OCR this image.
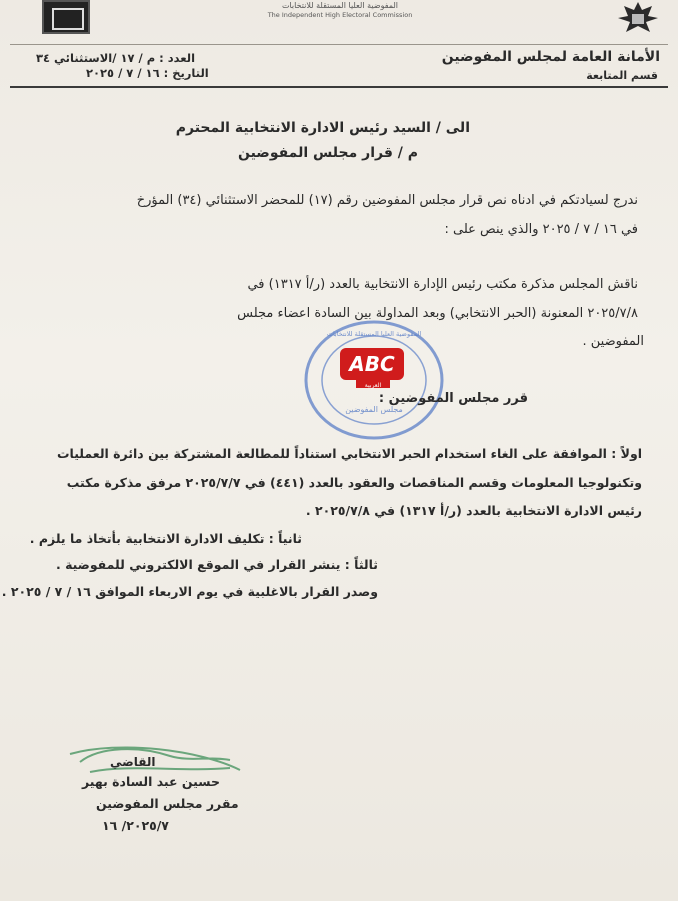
المفوضية العليا المستقلة للانتخابات
The Independent High Electoral Commission
العدد : م / ١٧ /الاستثنائي ٣٤
التاريخ : ١٦ / ٧ / ٢٠٢٥
الأمانة العامة لمجلس المفوضين
قسم المتابعة
الى / السيد رئيس الادارة الانتخابية المحترم
م / قرار مجلس المفوضين
ندرج لسيادتكم في ادناه نص قرار مجلس المفوضين رقم (١٧) للمحضر الاستثنائي (٣٤) المؤرخ
في ١٦ / ٧ / ٢٠٢٥ والذي ينص على :
ناقش المجلس مذكرة مكتب رئيس الإدارة الانتخابية بالعدد (ر/أ ١٣١٧) في
٢٠٢٥/٧/٨ المعنونة (الحبر الانتخابي) وبعد المداولة بين السادة اعضاء مجلس
المفوضين .
المفوضية العليا المستقلة للانتخابات
مجلس المفوضين
ABC
العربية
قرر مجلس المفوضين :
اولاً : الموافقة على الغاء استخدام الحبر الانتخابي استناداً للمطالعة المشتركة بين دائرة العمليات
وتكنولوجيا المعلومات وقسم المناقصات والعقود بالعدد (٤٤١) في ٢٠٢٥/٧/٧ مرفق مذكرة مكتب
رئيس الادارة الانتخابية بالعدد (ر/أ ١٣١٧) في ٢٠٢٥/٧/٨ .
ثانياً : تكليف الادارة الانتخابية بأتخاذ ما يلزم .
ثالثاً : ينشر القرار في الموقع الالكتروني للمفوضية .
وصدر القرار بالاغلبية في يوم الاربعاء الموافق ١٦ / ٧ / ٢٠٢٥ .
القاضي
حسين عبد السادة بهير
مقرر مجلس المفوضين
٢٠٢٥/٧/ ١٦
